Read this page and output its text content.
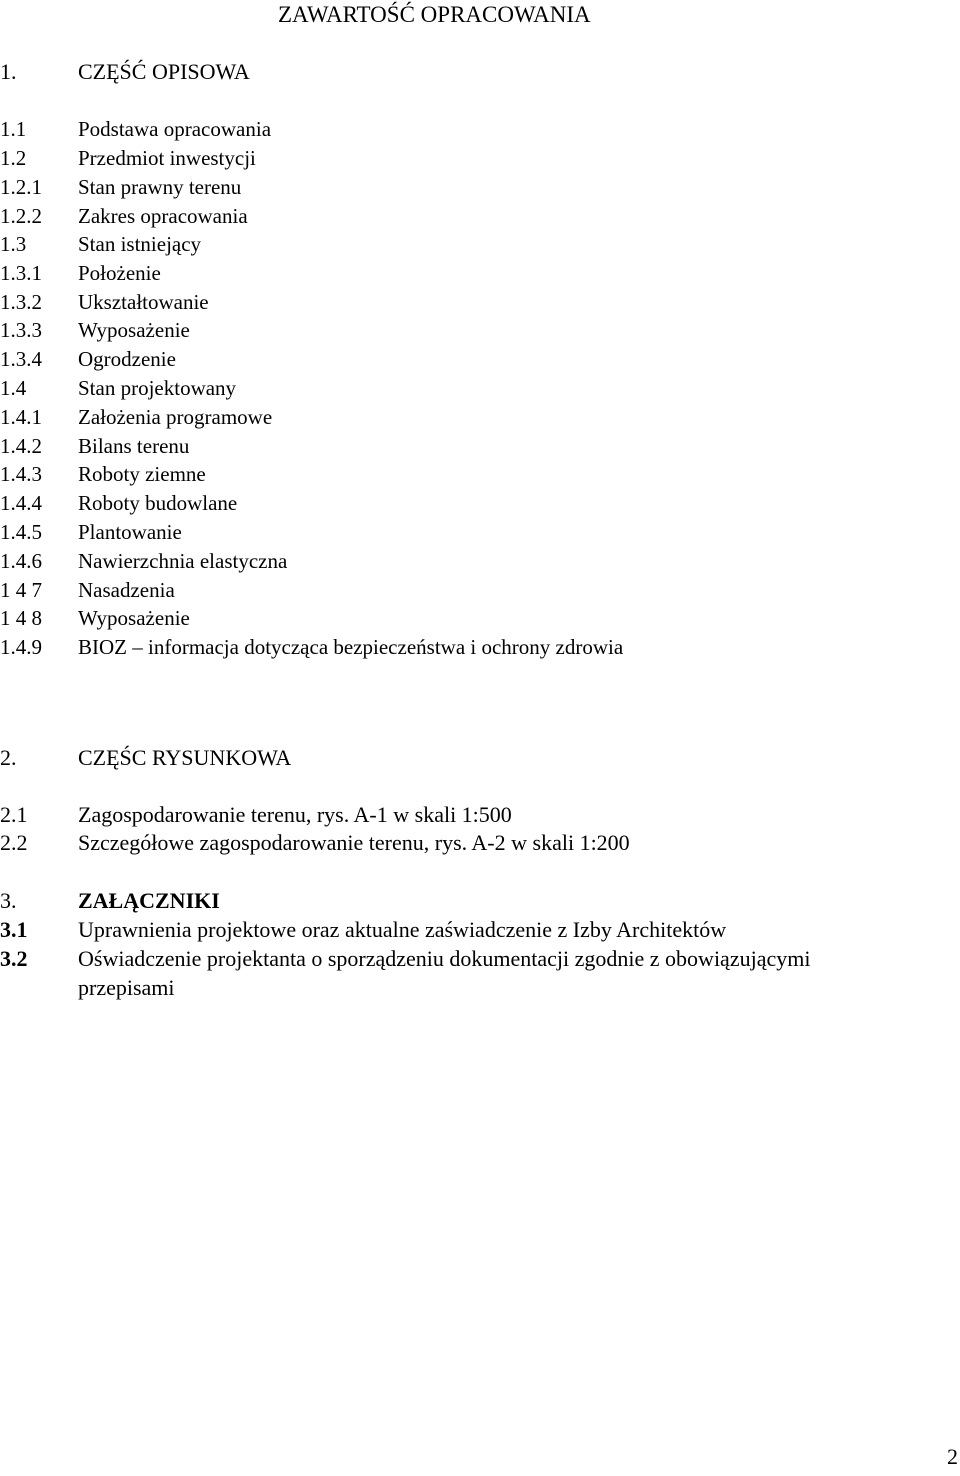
ZAWARTOŚĆ OPRACOWANIA
1.	CZĘŚĆ OPISOWA
1.1 Podstawa opracowania
1.2 Przedmiot inwestycji
1.2.1 Stan prawny terenu
1.2.2 Zakres opracowania
1.3 Stan istniejący
1.3.1 Położenie
1.3.2 Ukształtowanie
1.3.3 Wyposażenie
1.3.4 Ogrodzenie
1.4 Stan projektowany
1.4.1 Założenia programowe
1.4.2 Bilans terenu
1.4.3 Roboty ziemne
1.4.4 Roboty budowlane
1.4.5 Plantowanie
1.4.6 Nawierzchnia elastyczna
1 4 7 Nasadzenia
1 4 8 Wyposażenie
1.4.9 BIOZ – informacja dotycząca bezpieczeństwa i ochrony zdrowia
2.	CZĘŚC RYSUNKOWA
2.1 Zagospodarowanie terenu, rys. A-1 w skali 1:500
2.2 Szczegółowe zagospodarowanie terenu, rys. A-2 w skali 1:200
3.	ZAŁĄCZNIKI
3.1 Uprawnienia projektowe oraz aktualne zaświadczenie z Izby Architektów
3.2 Oświadczenie projektanta o sporządzeniu dokumentacji zgodnie z obowiązującymi
przepisami
2
